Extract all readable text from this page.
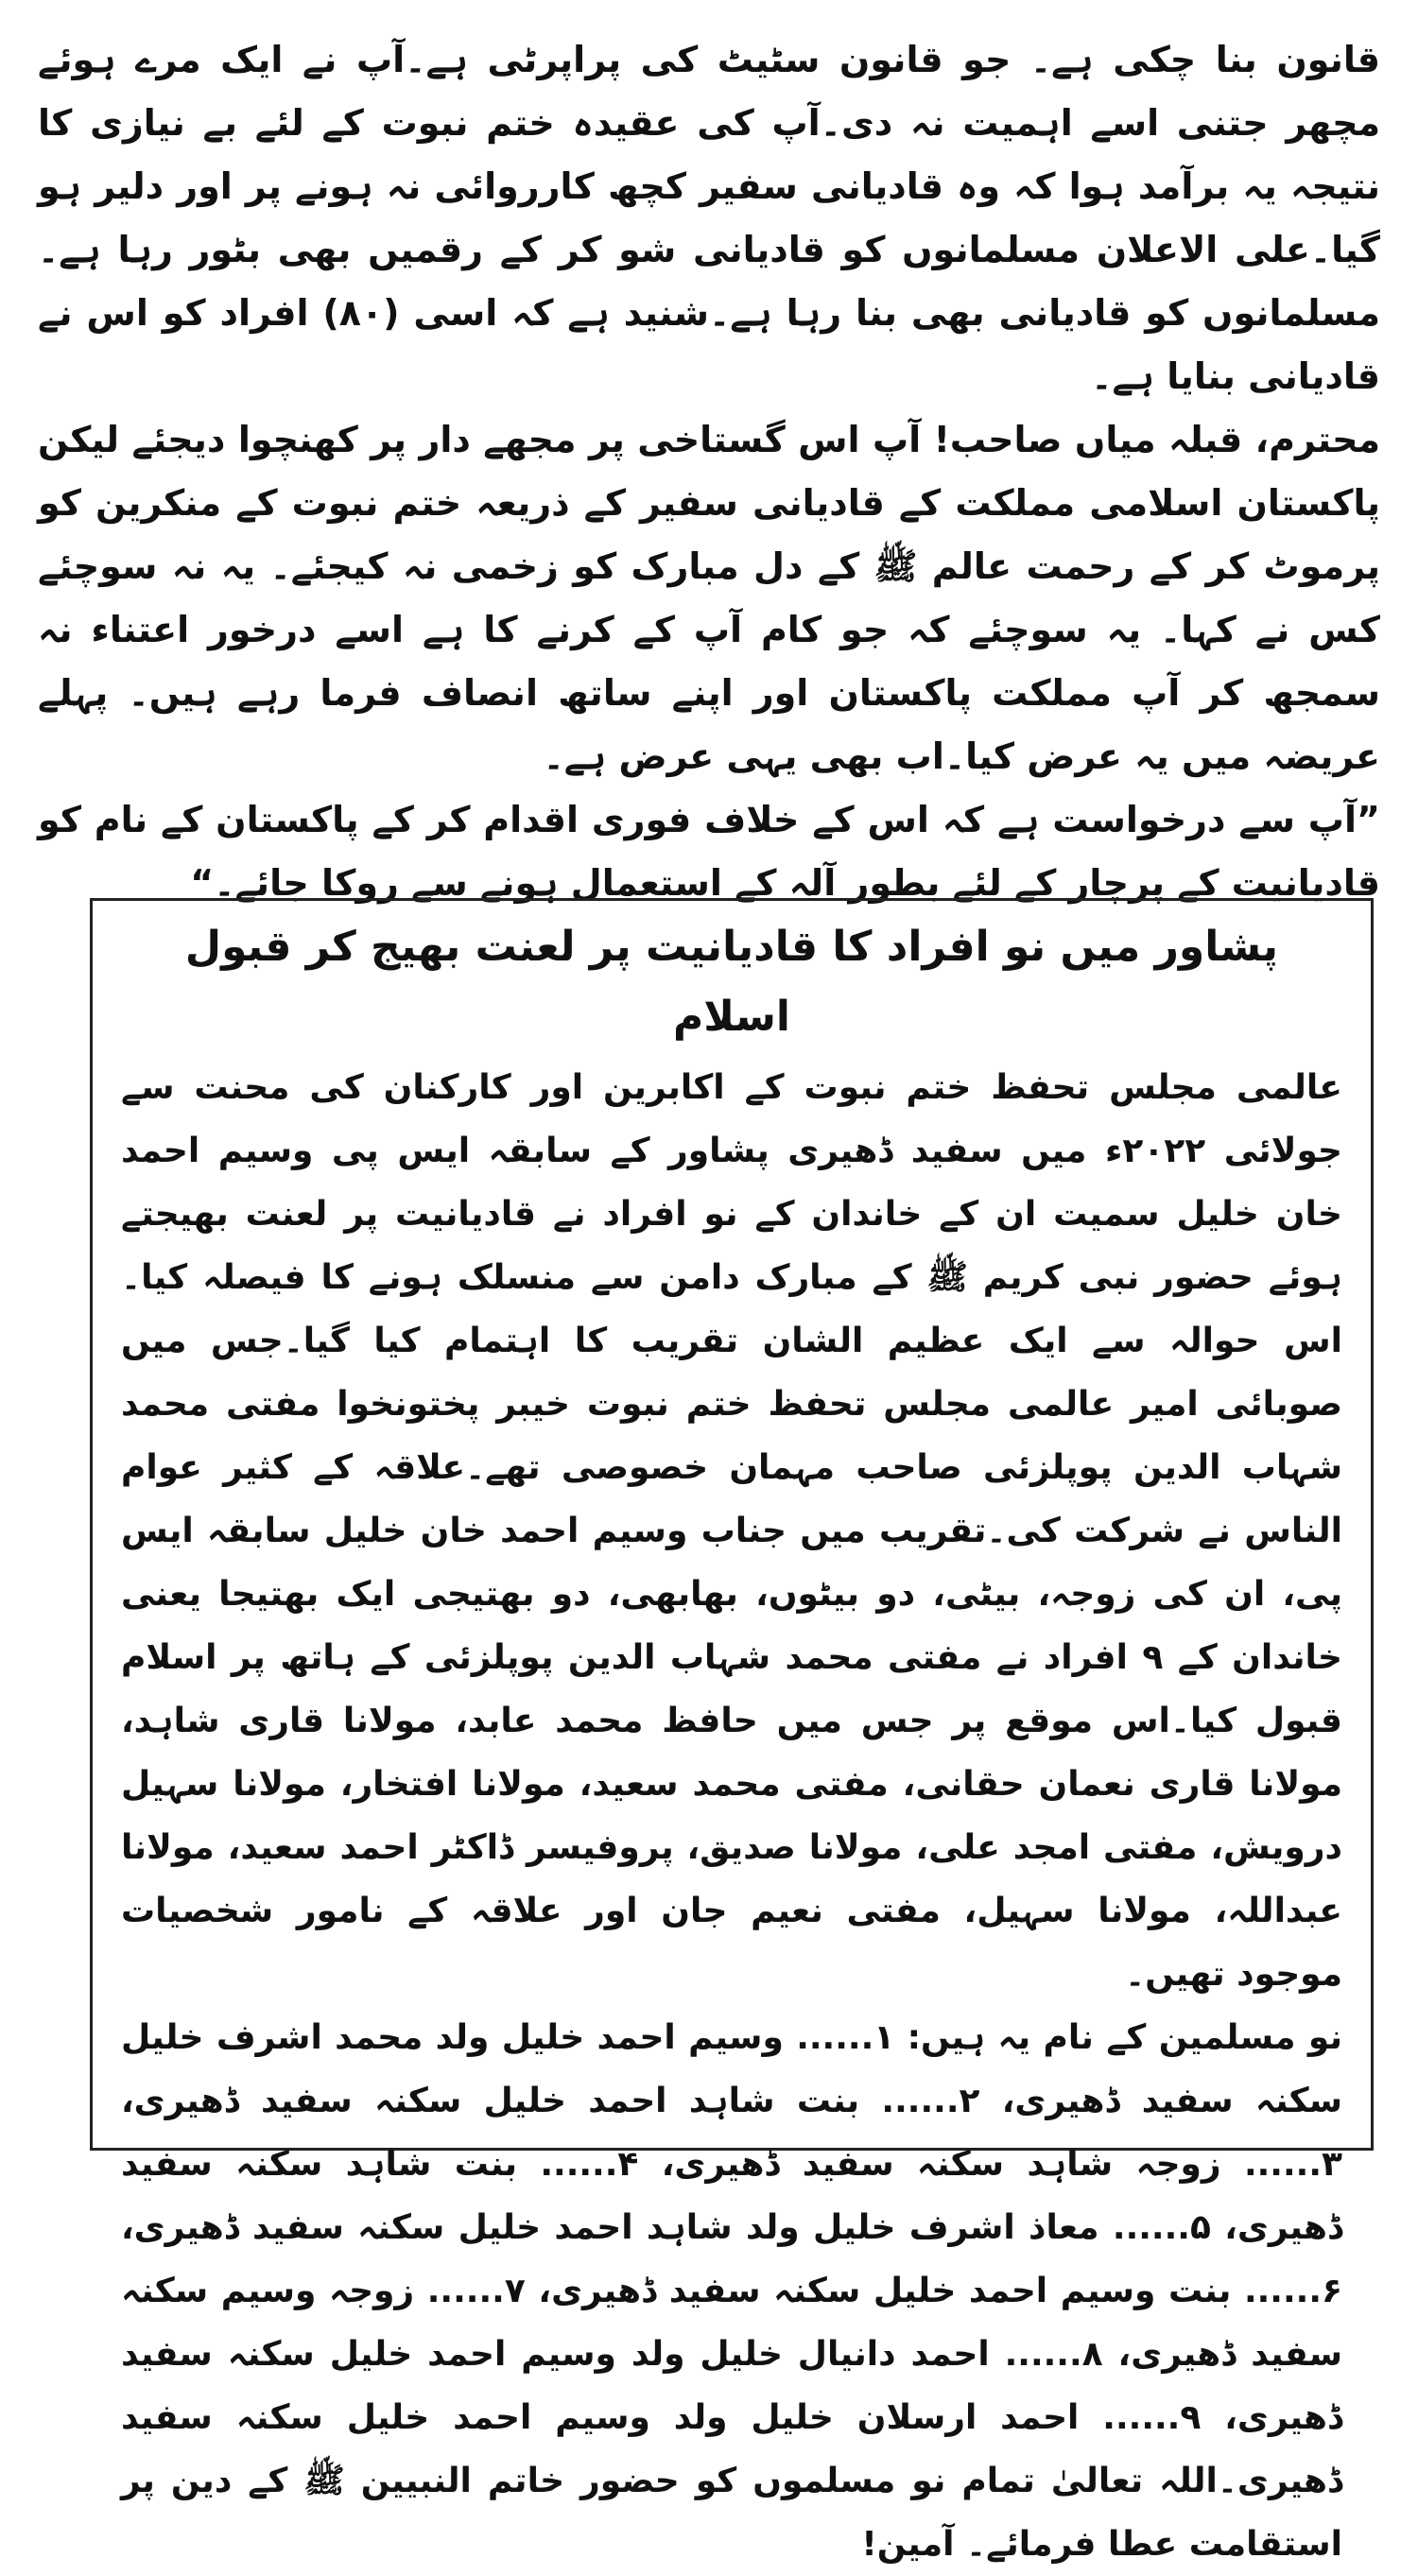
قانون بنا چکی ہے۔ جو قانون سٹیٹ کی پراپرٹی ہے۔آپ نے ایک مرے ہوئے مچھر جتنی اسے اہمیت نہ دی۔آپ کی عقیدہ ختم نبوت کے لئے بے نیازی کا نتیجہ یہ برآمد ہوا کہ وہ قادیانی سفیر کچھ کارروائی نہ ہونے پر اور دلیر ہو گیا۔علی الاعلان مسلمانوں کو قادیانی شو کر کے رقمیں بھی بٹور رہا ہے۔مسلمانوں کو قادیانی بھی بنا رہا ہے۔شنید ہے کہ اسی (۸۰) افراد کو اس نے قادیانی بنایا ہے۔

محترم، قبلہ میاں صاحب! آپ اس گستاخی پر مجھے دار پر کھنچوا دیجئے لیکن پاکستان اسلامی مملکت کے قادیانی سفیر کے ذریعہ ختم نبوت کے منکرین کو پرموٹ کر کے رحمت عالم ﷺ کے دل مبارک کو زخمی نہ کیجئے۔ یہ نہ سوچئے کس نے کہا۔ یہ سوچئے کہ جو کام آپ کے کرنے کا ہے اسے درخور اعتناء نہ سمجھ کر آپ مملکت پاکستان اور اپنے ساتھ انصاف فرما رہے ہیں۔ پہلے عریضہ میں یہ عرض کیا۔اب بھی یہی عرض ہے۔

”آپ سے درخواست ہے کہ اس کے خلاف فوری اقدام کر کے پاکستان کے نام کو قادیانیت کے پرچار کے لئے بطور آلہ کے استعمال ہونے سے روکا جائے۔“

پشاور میں نو افراد کا قادیانیت پر لعنت بھیج کر قبول اسلام

عالمی مجلس تحفظ ختم نبوت کے اکابرین اور کارکنان کی محنت سے جولائی ۲۰۲۲ء میں سفید ڈھیری پشاور کے سابقہ ایس پی وسیم احمد خان خلیل سمیت ان کے خاندان کے نو افراد نے قادیانیت پر لعنت بھیجتے ہوئے حضور نبی کریم ﷺ کے مبارک دامن سے منسلک ہونے کا فیصلہ کیا۔اس حوالہ سے ایک عظیم الشان تقریب کا اہتمام کیا گیا۔جس میں صوبائی امیر عالمی مجلس تحفظ ختم نبوت خیبر پختونخوا مفتی محمد شہاب الدین پوپلزئی صاحب مہمان خصوصی تھے۔علاقہ کے کثیر عوام الناس نے شرکت کی۔تقریب میں جناب وسیم احمد خان خلیل سابقہ ایس پی، ان کی زوجہ، بیٹی، دو بیٹوں، بھابھی، دو بھتیجی ایک بھتیجا یعنی خاندان کے ۹ افراد نے مفتی محمد شہاب الدین پوپلزئی کے ہاتھ پر اسلام قبول کیا۔اس موقع پر جس میں حافظ محمد عابد، مولانا قاری شاہد، مولانا قاری نعمان حقانی، مفتی محمد سعید، مولانا افتخار، مولانا سہیل درویش، مفتی امجد علی، مولانا صدیق، پروفیسر ڈاکٹر احمد سعید، مولانا عبداللہ، مولانا سہیل، مفتی نعیم جان اور علاقہ کے نامور شخصیات موجود تھیں۔

نو مسلمین کے نام یہ ہیں: ۱...... وسیم احمد خلیل ولد محمد اشرف خلیل سکنہ سفید ڈھیری، ۲...... بنت شاہد احمد خلیل سکنہ سفید ڈھیری، ۳...... زوجہ شاہد سکنہ سفید ڈھیری، ۴...... بنت شاہد سکنہ سفید ڈھیری، ۵...... معاذ اشرف خلیل ولد شاہد احمد خلیل سکنہ سفید ڈھیری، ۶...... بنت وسیم احمد خلیل سکنہ سفید ڈھیری، ۷...... زوجہ وسیم سکنہ سفید ڈھیری، ۸...... احمد دانیال خلیل ولد وسیم احمد خلیل سکنہ سفید ڈھیری، ۹...... احمد ارسلان خلیل ولد وسیم احمد خلیل سکنہ سفید ڈھیری۔اللہ تعالیٰ تمام نو مسلموں کو حضور خاتم النبیین ﷺ کے دین پر استقامت عطا فرمائے۔ آمین!
